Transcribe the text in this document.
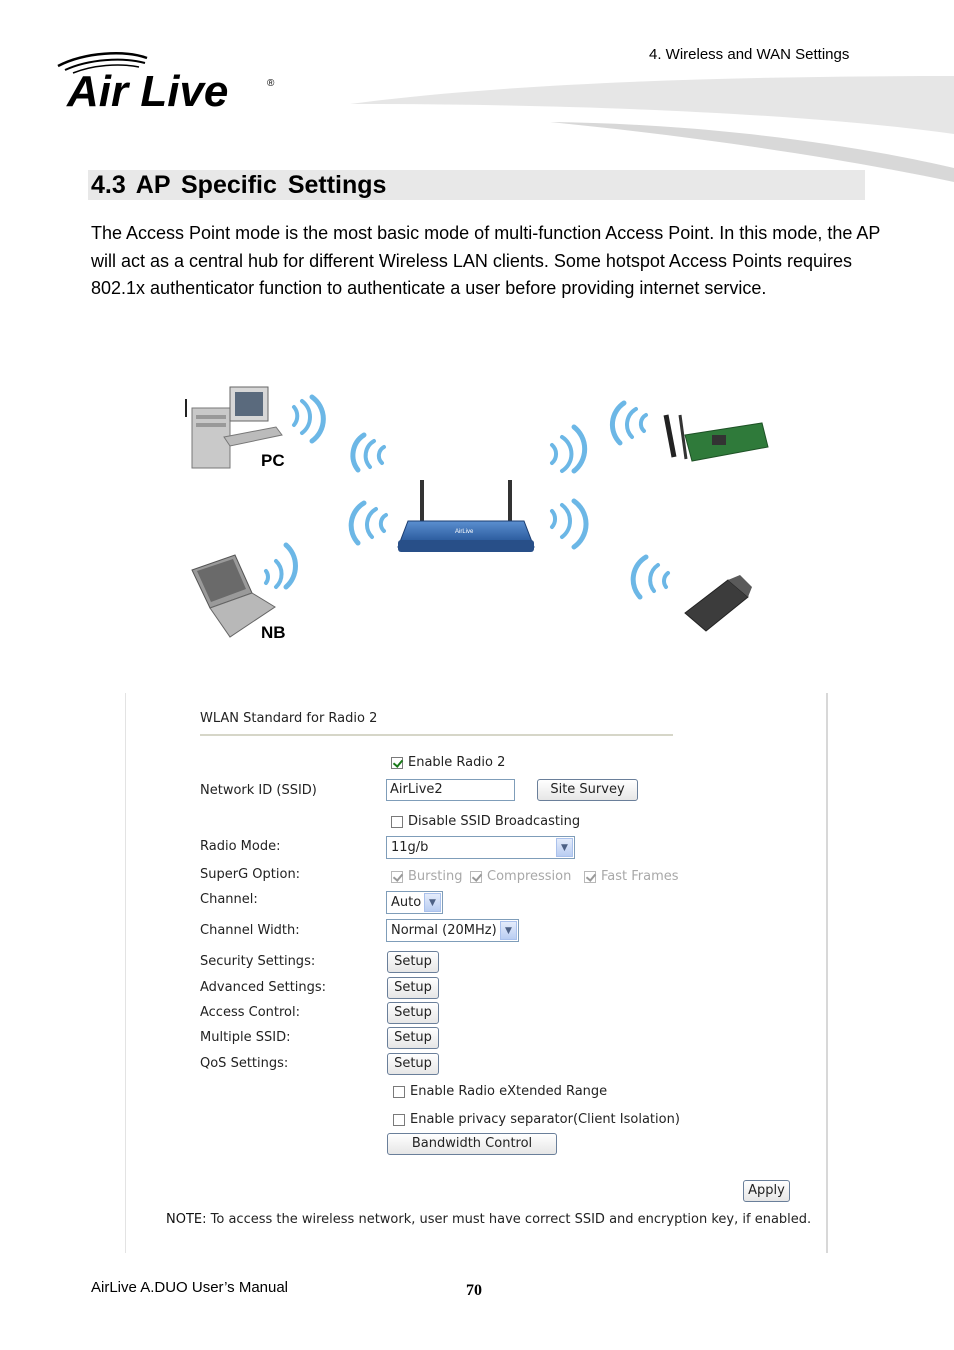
4. Wireless and WAN Settings
Air Live	®
4.3 AP Specific Settings
The Access Point mode is the most basic mode of multi-function Access Point. In this mode, the AP will act as a central hub for different Wireless LAN clients. Some hotspot Access Points requires 802.1x authenticator function to authenticate a user before providing internet service.
AirLive
PC
NB
WLAN Standard for Radio 2
Enable Radio 2
Network ID (SSID)	AirLive2	Site Survey
Disable SSID Broadcasting
Radio Mode:	11g/b	▼
SuperG Option:	Bursting Compression Fast Frames
Channel:	Auto ▼
Channel Width:	Normal (20MHz) ▼
Security Settings:	Setup
Advanced Settings:	Setup
Access Control:	Setup
Multiple SSID:	Setup
QoS Settings:	Setup
Enable Radio eXtended Range
Enable privacy separator(Client Isolation)
Bandwidth Control
Apply
NOTE: To access the wireless network, user must have correct SSID and encryption key, if enabled.
AirLive A.DUO User’s Manual	70
